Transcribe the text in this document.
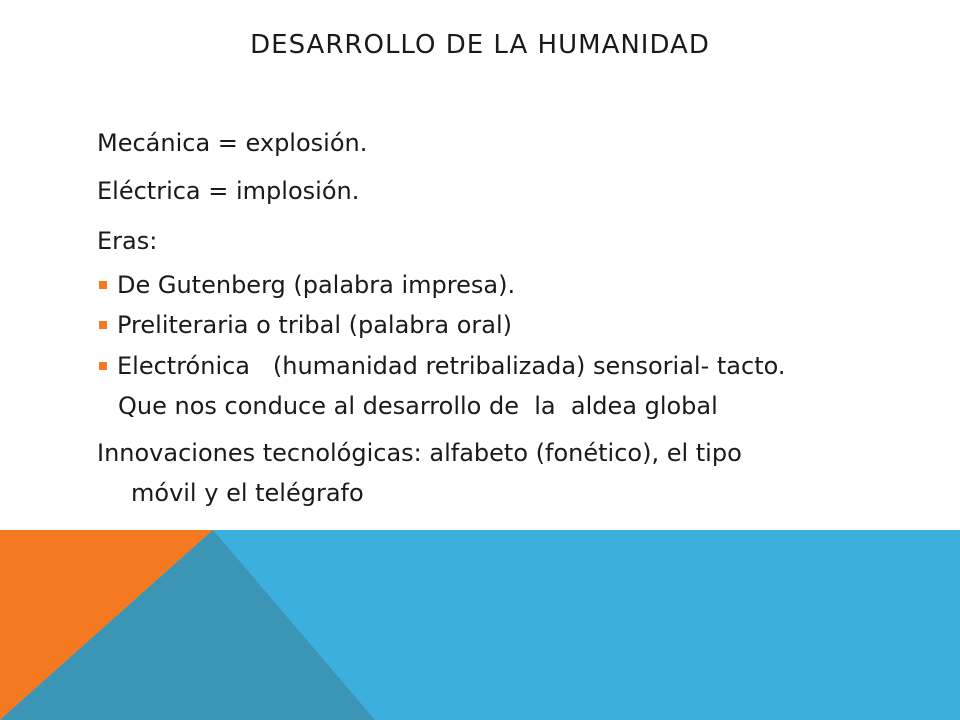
DESARROLLO DE LA HUMANIDAD
Mecánica = explosión.
Eléctrica = implosión.
Eras:
De Gutenberg (palabra impresa).
Preliteraria o tribal (palabra oral)
Electrónica   (humanidad retribalizada) sensorial- tacto.
Que nos conduce al desarrollo de  la  aldea global
Innovaciones tecnológicas: alfabeto (fonético), el tipo
móvil y el telégrafo
